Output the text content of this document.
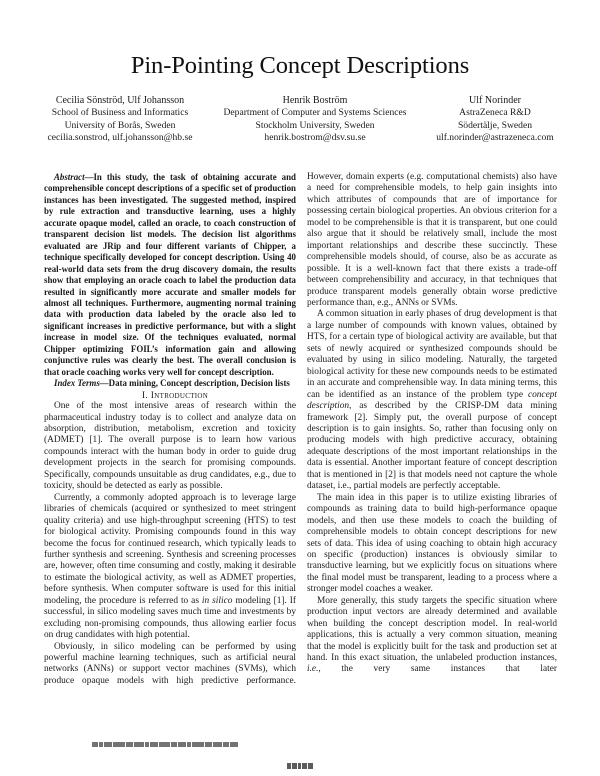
Pin-Pointing Concept Descriptions
Cecilia Sönströd, Ulf Johansson
School of Business and Informatics
University of Borås, Sweden
cecilia.sonstrod, ulf.johansson@hb.se
Henrik Boström
Department of Computer and Systems Sciences
Stockholm University, Sweden
henrik.bostrom@dsv.su.se
Ulf Norinder
AstraZeneca R&D
Södertälje, Sweden
ulf.norinder@astrazeneca.com

Abstract—In this study, the task of obtaining accurate and comprehensible concept descriptions of a specific set of production instances has been investigated. The suggested method, inspired by rule extraction and transductive learning, uses a highly accurate opaque model, called an oracle, to coach construction of transparent decision list models. The decision list algorithms evaluated are JRip and four different variants of Chipper, a technique specifically developed for concept description. Using 40 real-world data sets from the drug discovery domain, the results show that employing an oracle coach to label the production data resulted in significantly more accurate and smaller models for almost all techniques. Furthermore, augmenting normal training data with production data labeled by the oracle also led to significant increases in predictive performance, but with a slight increase in model size. Of the techniques evaluated, normal Chipper optimizing FOIL’s information gain and allowing conjunctive rules was clearly the best. The overall conclusion is that oracle coaching works very well for concept description.

Index Terms—Data mining, Concept description, Decision lists

I. Introduction

One of the most intensive areas of research within the pharmaceutical industry today is to collect and analyze data on absorption, distribution, metabolism, excretion and toxicity (ADMET) [1]. The overall purpose is to learn how various compounds interact with the human body in order to guide drug development projects in the search for promising compounds. Specifically, compounds unsuitable as drug candidates, e.g., due to toxicity, should be detected as early as possible.

Currently, a commonly adopted approach is to leverage large libraries of chemicals (acquired or synthesized to meet stringent quality criteria) and use high-throughput screening (HTS) to test for biological activity. Promising compounds found in this way become the focus for continued research, which typically leads to further synthesis and screening. Synthesis and screening processes are, however, often time consuming and costly, making it desirable to estimate the biological activity, as well as ADMET properties, before synthesis. When computer software is used for this initial modeling, the procedure is referred to as in silico modeling [1]. If successful, in silico modeling saves much time and investments by excluding non-promising compounds, thus allowing earlier focus on drug candidates with high potential.

Obviously, in silico modeling can be performed by using powerful machine learning techniques, such as artificial neural networks (ANNs) or support vector machines (SVMs), which produce opaque models with high predictive performance.

However, domain experts (e.g. computational chemists) also have a need for comprehensible models, to help gain insights into which attributes of compounds that are of importance for possessing certain biological properties. An obvious criterion for a model to be comprehensible is that it is transparent, but one could also argue that it should be relatively small, include the most important relationships and describe these succinctly. These comprehensible models should, of course, also be as accurate as possible. It is a well-known fact that there exists a trade-off between comprehensibility and accuracy, in that techniques that produce transparent models generally obtain worse predictive performance than, e.g., ANNs or SVMs.

A common situation in early phases of drug development is that a large number of compounds with known values, obtained by HTS, for a certain type of biological activity are available, but that sets of newly acquired or synthesized compounds should be evaluated by using in silico modeling. Naturally, the targeted biological activity for these new compounds needs to be estimated in an accurate and comprehensible way. In data mining terms, this can be identified as an instance of the problem type concept description, as described by the CRISP-DM data mining framework [2]. Simply put, the overall purpose of concept description is to gain insights. So, rather than focusing only on producing models with high predictive accuracy, obtaining adequate descriptions of the most important relationships in the data is essential. Another important feature of concept description that is mentioned in [2] is that models need not capture the whole dataset, i.e., partial models are perfectly acceptable.

The main idea in this paper is to utilize existing libraries of compounds as training data to build high-performance opaque models, and then use these models to coach the building of comprehensible models to obtain concept descriptions for new sets of data. This idea of using coaching to obtain high accuracy on specific (production) instances is obviously similar to transductive learning, but we explicitly focus on situations where the final model must be transparent, leading to a process where a stronger model coaches a weaker.

More generally, this study targets the specific situation where production input vectors are already determined and available when building the concept description model. In real-world applications, this is actually a very common situation, meaning that the model is explicitly built for the task and production set at hand. In this exact situation, the unlabeled production instances, i.e., the very same instances that later
